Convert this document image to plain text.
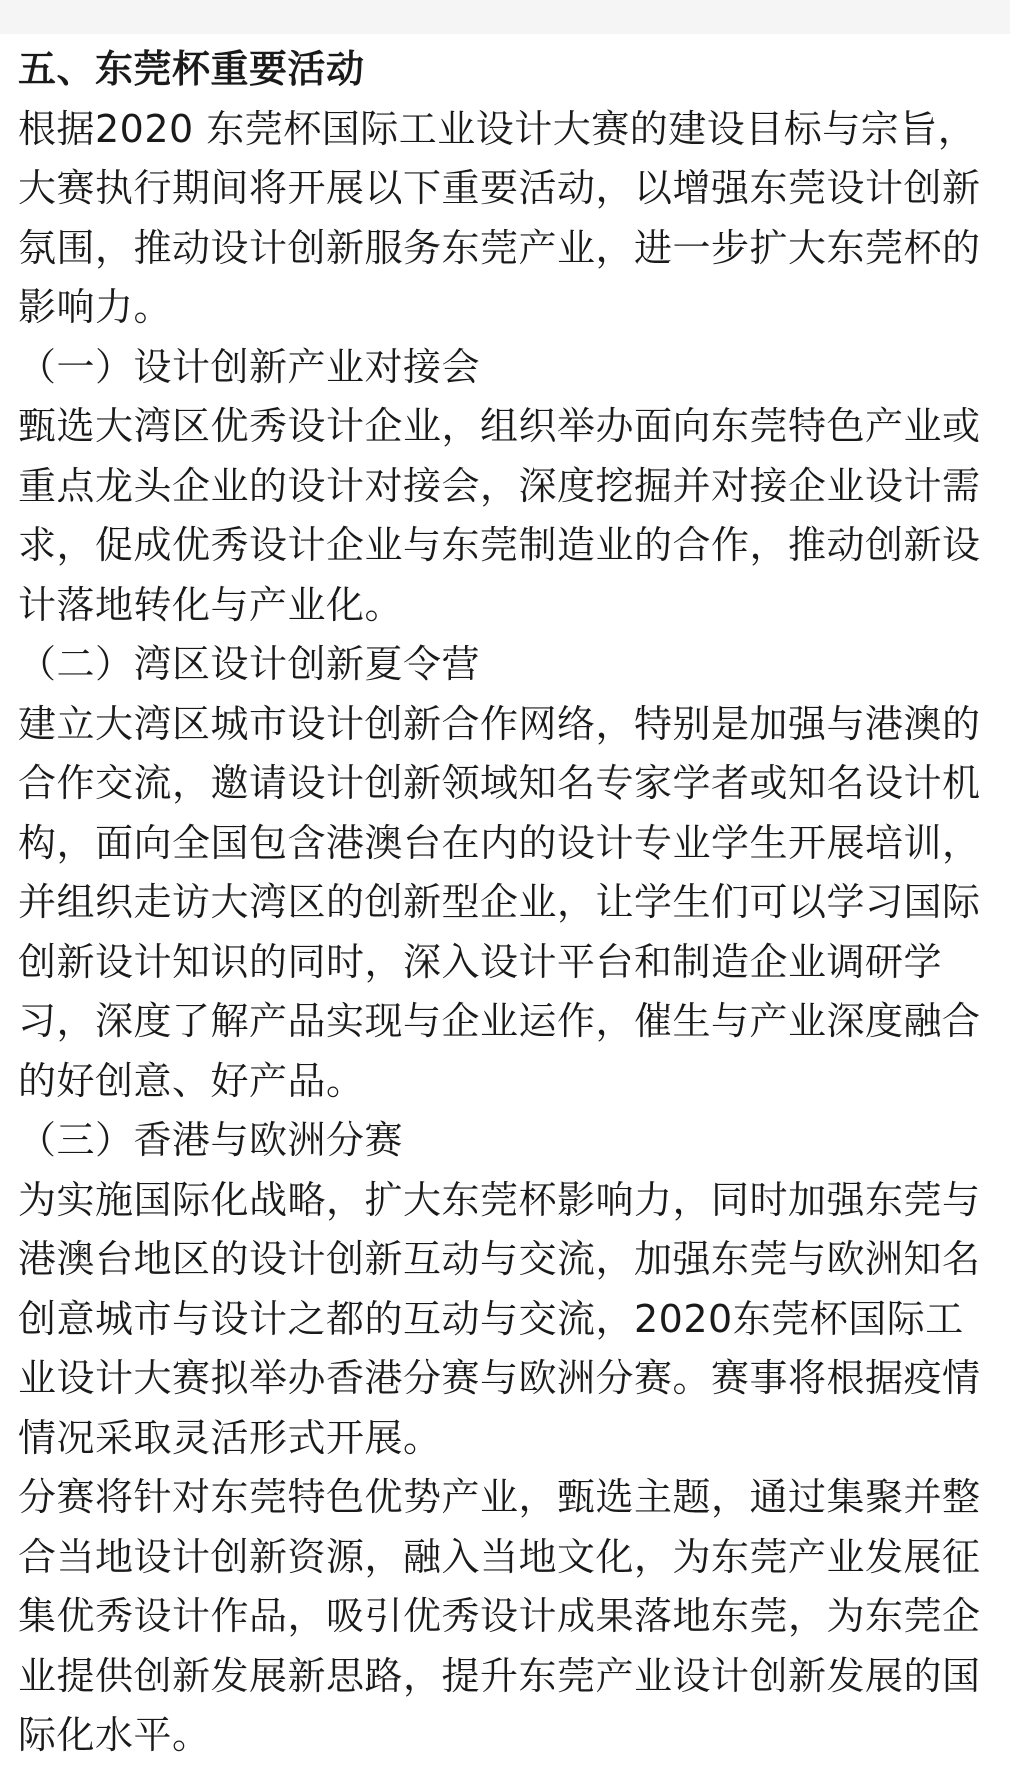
五、东莞杯重要活动
根据2020 东莞杯国际工业设计大赛的建设目标与宗旨，
大赛执行期间将开展以下重要活动，以增强东莞设计创新
氛围，推动设计创新服务东莞产业，进一步扩大东莞杯的
影响力。
（一）设计创新产业对接会
甄选大湾区优秀设计企业，组织举办面向东莞特色产业或
重点龙头企业的设计对接会，深度挖掘并对接企业设计需
求，促成优秀设计企业与东莞制造业的合作，推动创新设
计落地转化与产业化。
（二）湾区设计创新夏令营
建立大湾区城市设计创新合作网络，特别是加强与港澳的
合作交流，邀请设计创新领域知名专家学者或知名设计机
构，面向全国包含港澳台在内的设计专业学生开展培训，
并组织走访大湾区的创新型企业，让学生们可以学习国际
创新设计知识的同时，深入设计平台和制造企业调研学
习，深度了解产品实现与企业运作，催生与产业深度融合
的好创意、好产品。
（三）香港与欧洲分赛
为实施国际化战略，扩大东莞杯影响力，同时加强东莞与
港澳台地区的设计创新互动与交流，加强东莞与欧洲知名
创意城市与设计之都的互动与交流，2020东莞杯国际工
业设计大赛拟举办香港分赛与欧洲分赛。赛事将根据疫情
情况采取灵活形式开展。
分赛将针对东莞特色优势产业，甄选主题，通过集聚并整
合当地设计创新资源，融入当地文化，为东莞产业发展征
集优秀设计作品，吸引优秀设计成果落地东莞，为东莞企
业提供创新发展新思路，提升东莞产业设计创新发展的国
际化水平。
